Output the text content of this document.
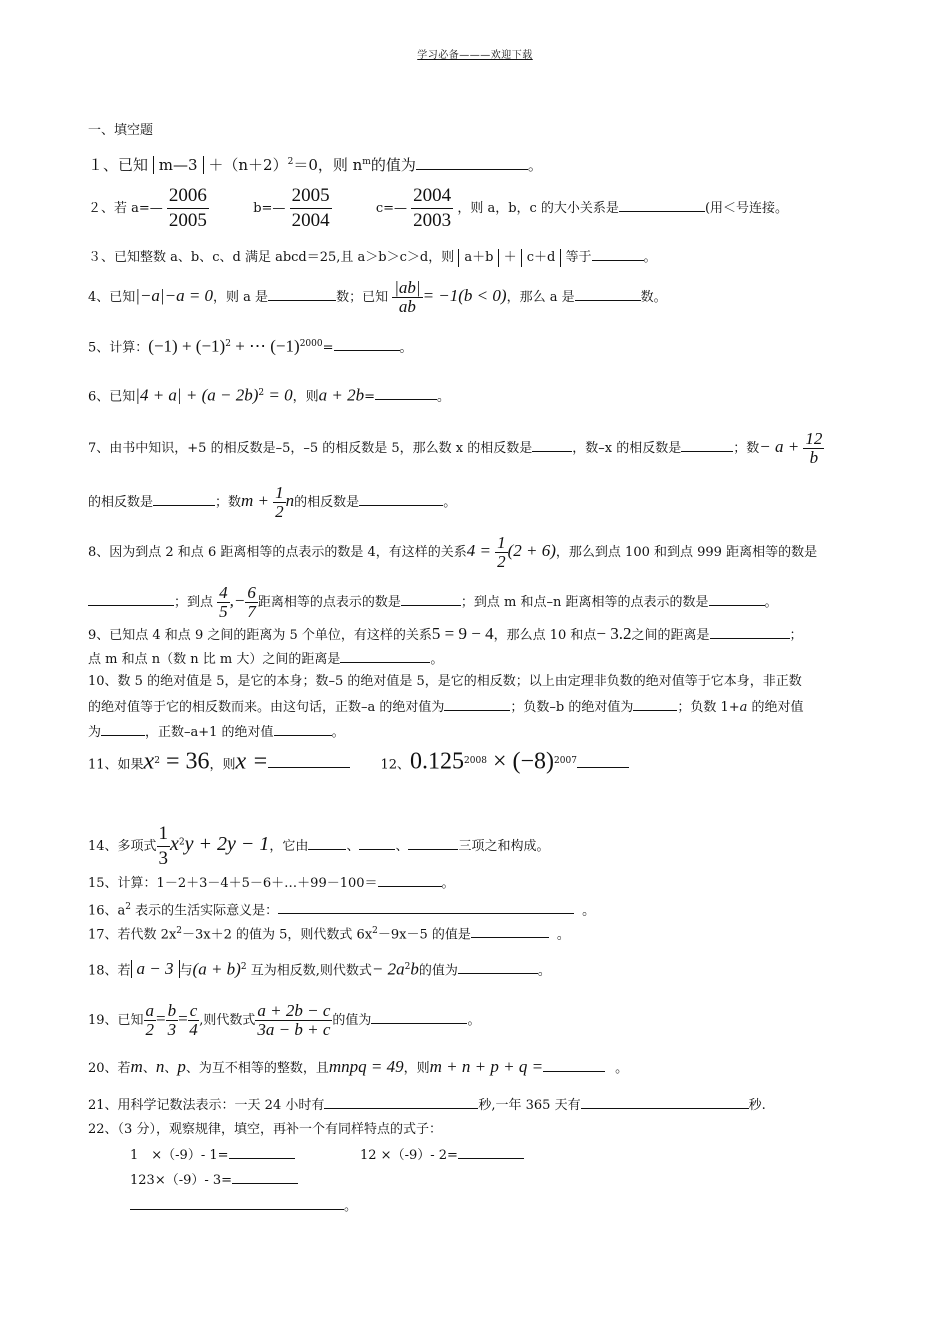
学习必备———欢迎下载
一、填空题
１、已知 m—3 $+(n+2)^2=0$，则 $n^m$的值为	。
２、若 a=— $\frac{2006}{2005}$	b=— $\frac{2005}{2004}$	c=— $\frac{2004}{2003}$ ，则 a，b，c 的大小关系是	(用＜号连接。
３、已知整数 a、b、c、d 满足 abcd＝25,且 a＞b＞c＞d，则 a＋b ＋ c＋d 等于	。
4、已知|−a|−a = 0，则 a 是	数；已知 $\frac{|ab|}{ab} = -1(b < 0)$，那么 a 是	数。
5、计算：$(-1) + (-1)^2$ + ⋯ $(-1)^{2000}=$	。
6、已知$|4 + a| + (a - 2b)^2 = 0$，则a + 2b=	。
7、由书中知识，+5 的相反数是–5，–5 的相反数是 5，那么数 x 的相反数是	，数–x 的相反数是	；数− $a + \frac{12}{b}$
的相反数是	；数$m + \frac{1}{2}$ n的相反数是	。
8、因为到点 2 和点 6 距离相等的点表示的数是 4，有这样的关系$4 = \frac{1}{2} (2 + 6)$，那么到点 100 和到点 999 距离相等的数是
；到点 $\frac{4}{5}$ ,− $\frac{6}{7}$ 距离相等的点表示的数是	；到点 m 和点–n 距离相等的点表示的数是	。
9、已知点 4 和点 9 之间的距离为 5 个单位，有这样的关系5 = 9 − 4，那么点 10 和点− 3.2之间的距离是	；
点 m 和点 n（数 n 比 m 大）之间的距离是	。
10、数 5 的绝对值是 5，是它的本身；数–5 的绝对值是 5，是它的相反数；以上由定理非负数的绝对值等于它本身，非正数
的绝对值等于它的相反数而来。由这句话，正数–a 的绝对值为	；负数–b 的绝对值为	；负数 1+a 的绝对值
为	，正数–a+1 的绝对值	。
11、如果$x^2 = 36$，则x =	12、$0.125^{2008} \times (-8)^{2007}$
14、多项式 $\frac{1}{3} x^2y + 2y - 1$，它由	、	、	三项之和构成。
15、计算：1－2＋3－4＋5－6＋…＋99－100＝	。
16、$a^2$ 表示的生活实际意义是：	。
17、若代数 $2x^2-3x+2$ 的值为 5，则代数式 $6x^2-9x-5$ 的值是	。
18、若 a − 3 与$(a + b)^2$ 互为相反数,则代数式− $2a^2b$的值为	。
19、已知 $\frac{a}{2} = \frac{b}{3} = \frac{c}{4}$ ,则代数式 $\frac{a + 2b - c}{3a - b + c}$ 的值为	。
20、若m、n、p、为互不相等的整数，且mnpq = 49，则m + n + p + q =	。
21、用科学记数法表示：一天 24 小时有	秒,一年 365 天有	秒.
22、（3 分），观察规律，填空，再补一个有同样特点的式子：
1　×（-9）- 1=	12 ×（-9）- 2=
123×（-9）- 3=
。
